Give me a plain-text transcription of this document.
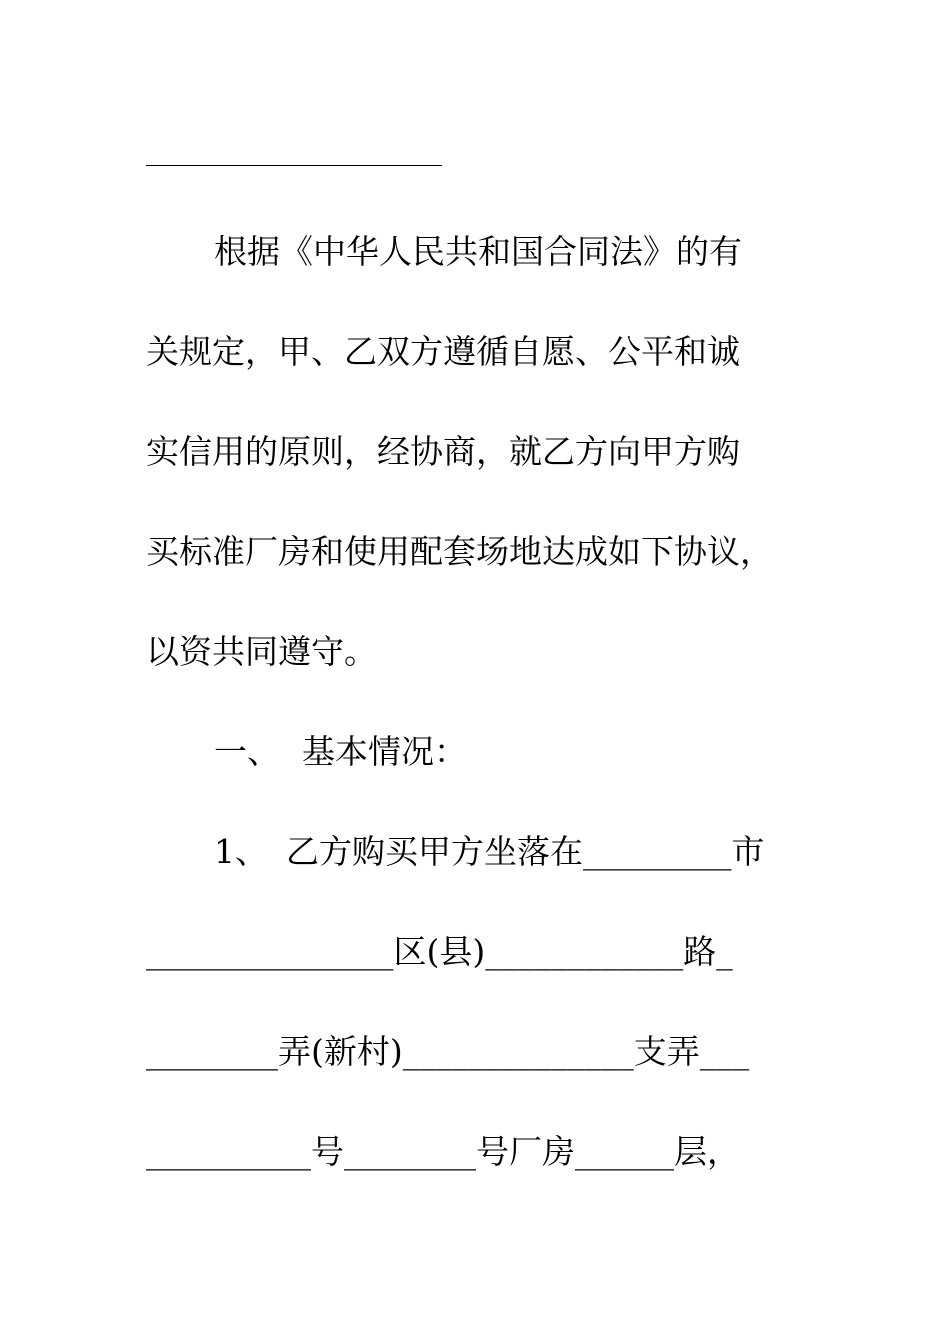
根据《中华人民共和国合同法》的有
关规定，甲、乙双方遵循自愿、公平和诚
实信用的原则，经协商，就乙方向甲方购
买标准厂房和使用配套场地达成如下协议，
以资共同遵守。
一、 基本情况：
1、 乙方购买甲方坐落在_________市
_______________区(县)____________路_
________弄(新村)______________支弄___
__________号________号厂房______层，
